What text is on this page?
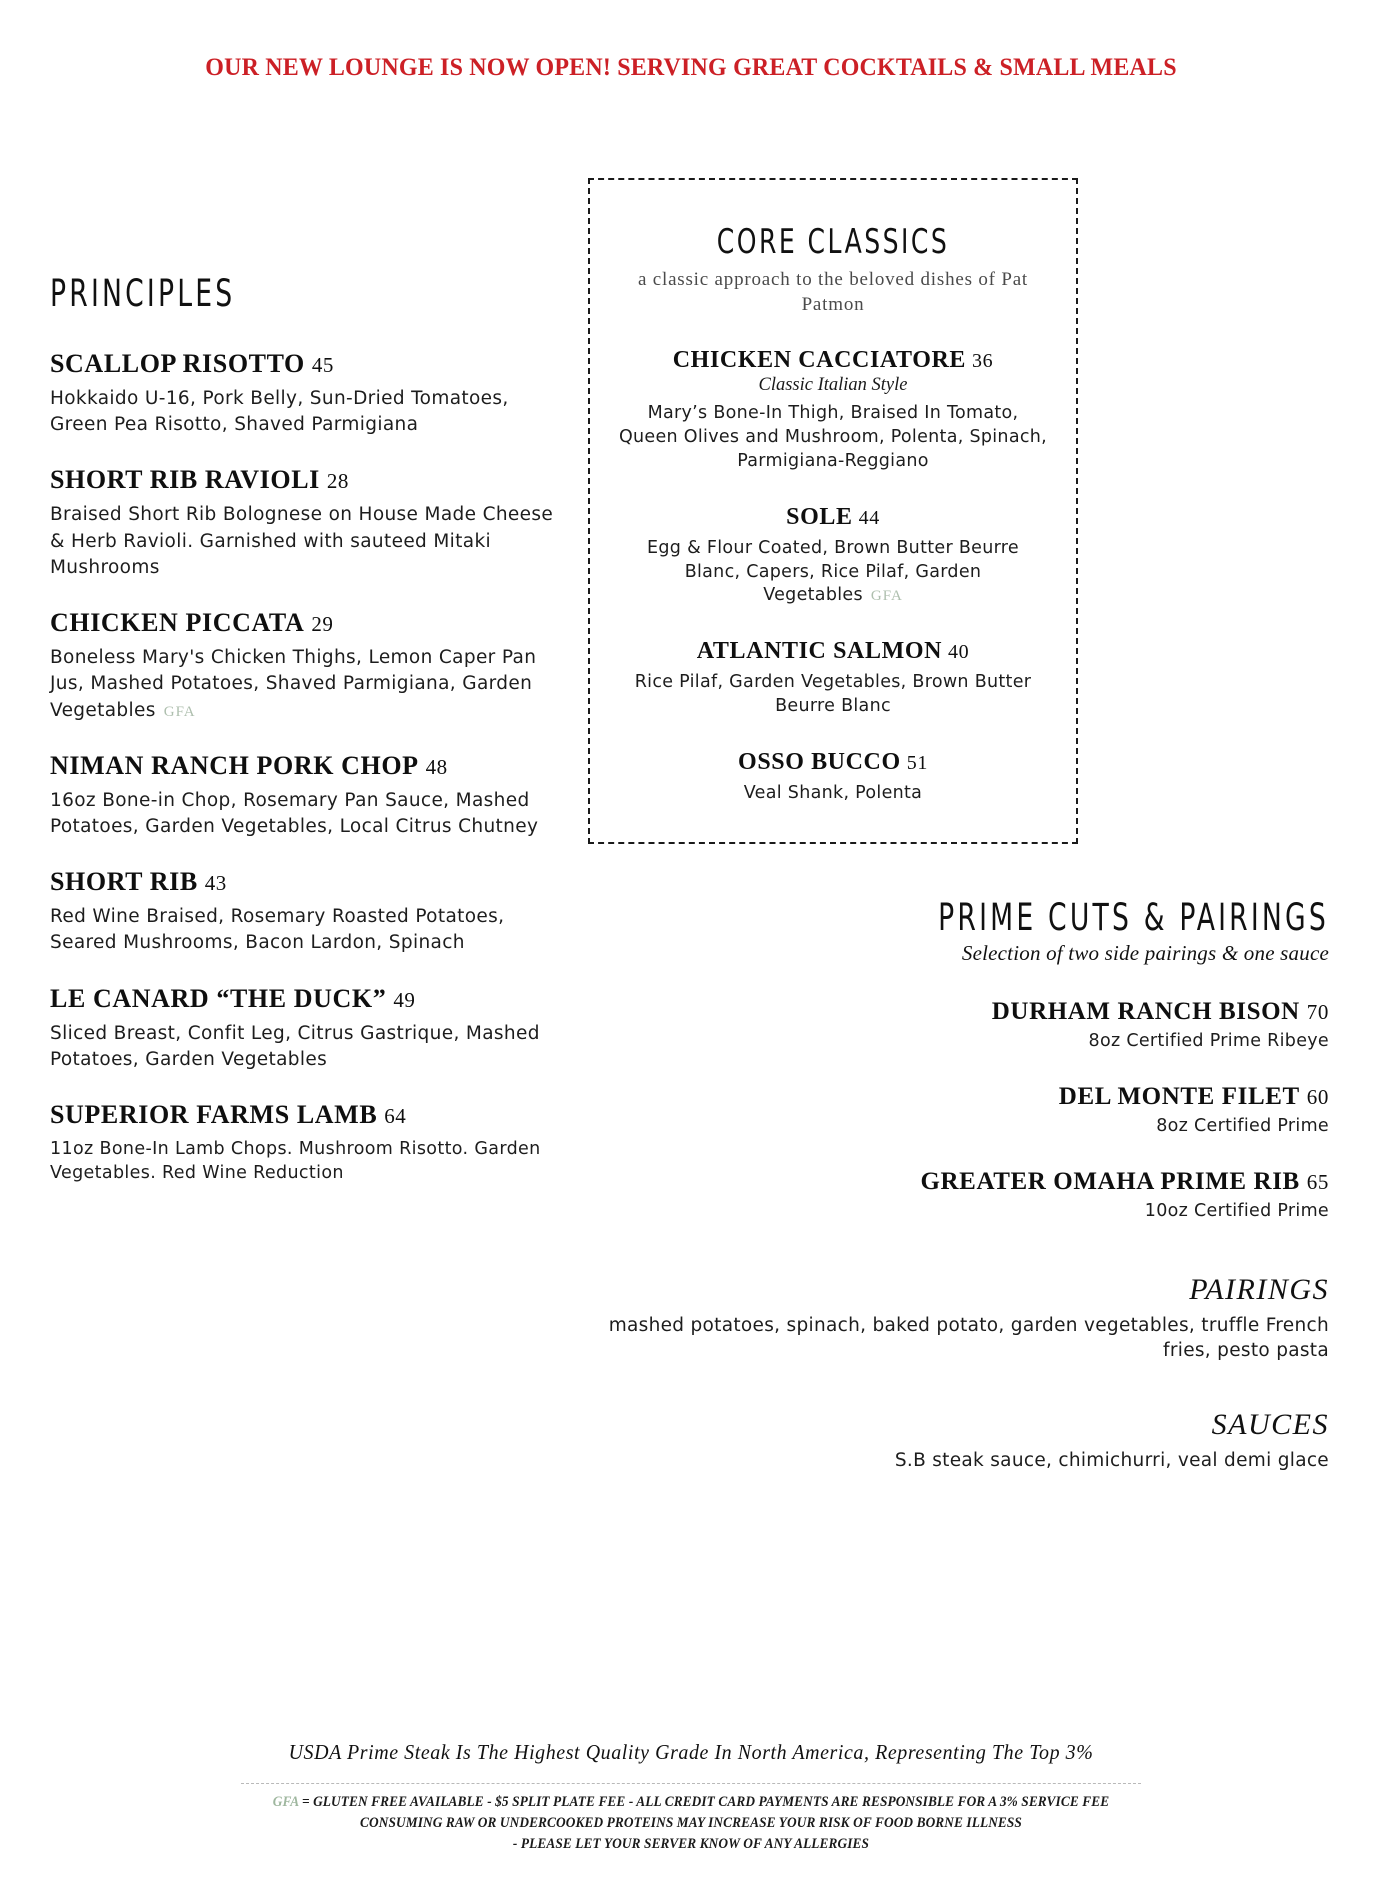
OUR NEW LOUNGE IS NOW OPEN! SERVING GREAT COCKTAILS & SMALL MEALS
PRINCIPLES
SCALLOP RISOTTO 45
Hokkaido U-16, Pork Belly, Sun-Dried Tomatoes, Green Pea Risotto, Shaved Parmigiana
SHORT RIB RAVIOLI 28
Braised Short Rib Bolognese on House Made Cheese & Herb Ravioli. Garnished with sauteed Mitaki Mushrooms
CHICKEN PICCATA 29
Boneless Mary's Chicken Thighs, Lemon Caper Pan Jus, Mashed Potatoes, Shaved Parmigiana, Garden Vegetables GFA
NIMAN RANCH PORK CHOP 48
16oz Bone-in Chop, Rosemary Pan Sauce, Mashed Potatoes, Garden Vegetables, Local Citrus Chutney
SHORT RIB 43
Red Wine Braised, Rosemary Roasted Potatoes, Seared Mushrooms, Bacon Lardon, Spinach
LE CANARD “THE DUCK” 49
Sliced Breast, Confit Leg, Citrus Gastrique, Mashed Potatoes, Garden Vegetables
SUPERIOR FARMS LAMB 64
11oz Bone-In Lamb Chops. Mushroom Risotto. Garden Vegetables. Red Wine Reduction
CORE CLASSICS
a classic approach to the beloved dishes of Pat Patmon
CHICKEN CACCIATORE 36
Classic Italian Style
Mary’s Bone-In Thigh, Braised In Tomato, Queen Olives and Mushroom, Polenta, Spinach, Parmigiana-Reggiano
SOLE 44
Egg & Flour Coated, Brown Butter Beurre Blanc, Capers, Rice Pilaf, Garden Vegetables GFA
ATLANTIC SALMON 40
Rice Pilaf, Garden Vegetables, Brown Butter Beurre Blanc
OSSO BUCCO 51
Veal Shank, Polenta
PRIME CUTS & PAIRINGS
Selection of two side pairings & one sauce
DURHAM RANCH BISON 70
8oz Certified Prime Ribeye
DEL MONTE FILET 60
8oz Certified Prime
GREATER OMAHA PRIME RIB 65
10oz Certified Prime
PAIRINGS
mashed potatoes, spinach, baked potato, garden vegetables, truffle French fries, pesto pasta
SAUCES
S.B steak sauce, chimichurri, veal demi glace
USDA Prime Steak Is The Highest Quality Grade In North America, Representing The Top 3%
GFA = GLUTEN FREE AVAILABLE - $5 SPLIT PLATE FEE - ALL CREDIT CARD PAYMENTS ARE RESPONSIBLE FOR A 3% SERVICE FEE
CONSUMING RAW OR UNDERCOOKED PROTEINS MAY INCREASE YOUR RISK OF FOOD BORNE ILLNESS
- PLEASE LET YOUR SERVER KNOW OF ANY ALLERGIES
